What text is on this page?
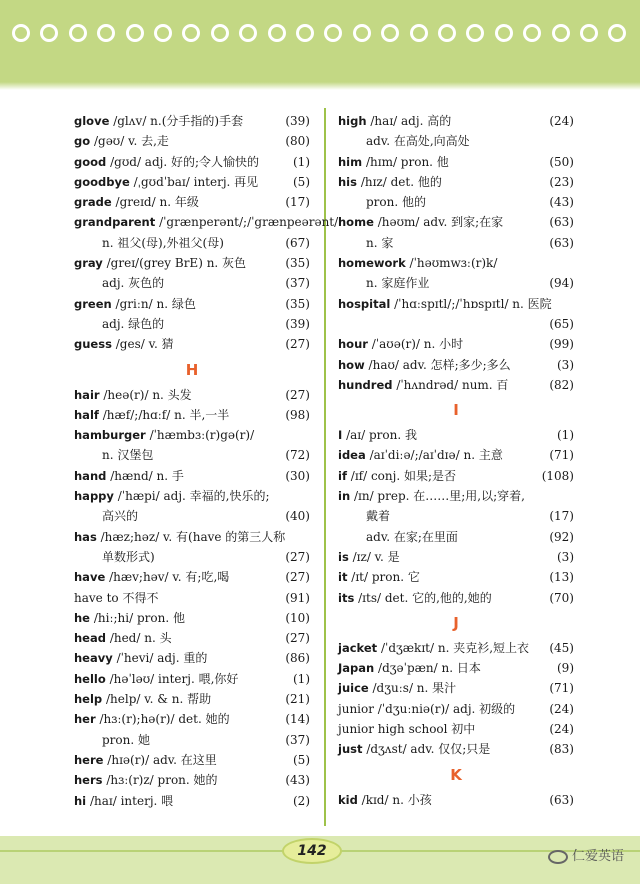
glove /glʌv/ n.(分手指的)手套	(39)
go /gəʊ/ v. 去,走	(80)
good /gʊd/ adj. 好的;令人愉快的	(1)
goodbye /ˌgʊdˈbaɪ/ interj. 再见	(5)
grade /greɪd/ n. 年级	(17)
grandparent /ˈgrænperənt/;/ˈgrænpeərənt/
n. 祖父(母),外祖父(母)	(67)
gray /greɪ/(grey BrE) n. 灰色	(35)
adj. 灰色的	(37)
green /griːn/ n. 绿色	(35)
adj. 绿色的	(39)
guess /ges/ v. 猜	(27)
H
hair /heə(r)/ n. 头发	(27)
half /hæf/;/hɑːf/ n. 半,一半	(98)
hamburger /ˈhæmbɜː(r)gə(r)/
n. 汉堡包	(72)
hand /hænd/ n. 手	(30)
happy /ˈhæpi/ adj. 幸福的,快乐的;
高兴的	(40)
has /hæz;həz/ v. 有(have 的第三人称
单数形式)	(27)
have /hæv;həv/ v. 有;吃,喝	(27)
have to 不得不	(91)
he /hiː;hi/ pron. 他	(10)
head /hed/ n. 头	(27)
heavy /ˈhevi/ adj. 重的	(86)
hello /həˈləʊ/ interj. 喂,你好	(1)
help /help/ v. & n. 帮助	(21)
her /hɜː(r);hə(r)/ det. 她的	(14)
pron. 她	(37)
here /hɪə(r)/ adv. 在这里	(5)
hers /hɜː(r)z/ pron. 她的	(43)
hi /haɪ/ interj. 喂	(2)
high /haɪ/ adj. 高的	(24)
adv. 在高处,向高处
him /hɪm/ pron. 他	(50)
his /hɪz/ det. 他的	(23)
pron. 他的	(43)
home /həʊm/ adv. 到家;在家	(63)
n. 家	(63)
homework /ˈhəʊmwɜː(r)k/
n. 家庭作业	(94)
hospital /ˈhɑːspɪtl/;/ˈhɒspɪtl/ n. 医院
(65)
hour /ˈaʊə(r)/ n. 小时	(99)
how /haʊ/ adv. 怎样;多少;多么	(3)
hundred /ˈhʌndrəd/ num. 百	(82)
I
I /aɪ/ pron. 我	(1)
idea /aɪˈdiːə/;/aɪˈdɪə/ n. 主意	(71)
if /ɪf/ conj. 如果;是否	(108)
in /ɪn/ prep. 在……里;用,以;穿着,
戴着	(17)
adv. 在家;在里面	(92)
is /ɪz/ v. 是	(3)
it /ɪt/ pron. 它	(13)
its /ɪts/ det. 它的,他的,她的	(70)
J
jacket /ˈdʒækɪt/ n. 夹克衫,短上衣 (45)
Japan /dʒəˈpæn/ n. 日本	(9)
juice /dʒuːs/ n. 果汁	(71)
junior /ˈdʒuːniə(r)/ adj. 初级的	(24)
junior high school 初中	(24)
just /dʒʌst/ adv. 仅仅;只是	(83)
K
kid /kɪd/ n. 小孩	(63)
142	仁爱英语
